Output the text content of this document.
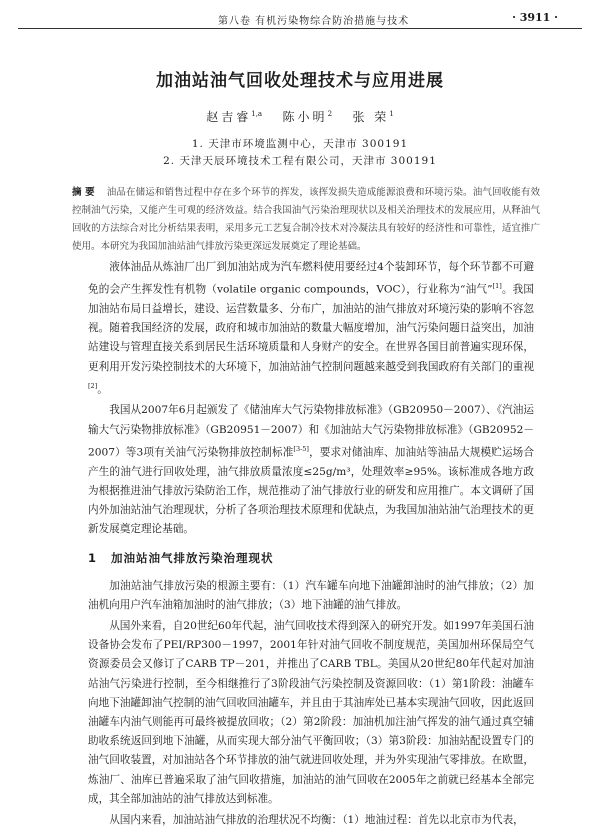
第八卷 有机污染物综合防治措施与技术	· 3911 ·
加油站油气回收处理技术与应用进展
赵吉睿$^{1,a}$ 陈小明$^2$ 张 荣$^1$
1. 天津市环境监测中心，天津市 300191
2. 天津天辰环境技术工程有限公司，天津市 300191
摘 要 油品在储运和销售过程中存在多个环节的挥发，该挥发损失造成能源浪费和环境污染。油气回收能有效控制油气污染，又能产生可观的经济效益。结合我国油气污染治理现状以及相关治理技术的发展应用，从释油气回收的方法综合对比分析结果表明，采用多元工艺复合制冷技术对冷凝法具有较好的经济性和可靠性，适宜推广使用。本研究为我国加油站油气排放污染更深远发展奠定了理论基础。

液体油品从炼油厂出厂到加油站成为汽车燃料使用要经过4个装卸环节，每个环节都不可避免的会产生挥发性有机物（volatile organic compounds，VOC），行业称为“油气”[1]。我国加油站布局日益增长，建设、运营数量多、分布广，加油站的油气排放对环境污染的影响不容忽视。随着我国经济的发展，政府和城市加油站的数量大幅度增加，油气污染问题日益突出，加油站建设与管理直接关系到居民生活环境质量和人身财产的安全。在世界各国目前普遍实现环保，更利用开发污染控制技术的大环境下，加油站油气控制问题越来越受到我国政府有关部门的重视[2]。

我国从2007年6月起颁发了《储油库大气污染物排放标准》（GB20950－2007）、《汽油运输大气污染物排放标准》（GB20951－2007）和《加油站大气污染物排放标准》（GB20952－2007）等3项有关油气污染物排放控制标准[3-5]，要求对储油库、加油站等油品大规模贮运场合产生的油气进行回收处理，油气排放质量浓度≤25g/m³，处理效率≥95%。该标准成各地方政为根据推进油气排放污染防治工作，规范推动了油气排放行业的研发和应用推广。本文调研了国内外加油站油气治理现状，分析了各项治理技术原理和优缺点，为我国加油站油气治理技术的更新发展奠定理论基础。

1 加油站油气排放污染治理现状

加油站油气排放污染的根源主要有：（1）汽车罐车向地下油罐卸油时的油气排放；（2）加油机向用户汽车油箱加油时的油气排放；（3）地下油罐的油气排放。

从国外来看，自20世纪60年代起，油气回收技术得到深入的研究开发。如1997年美国石油设备协会发布了PEI/RP300－1997，2001年针对油气回收不制度规范，美国加州环保局空气资源委员会又修订了CARB TP－201，并推出了CARB TBL。美国从20世纪80年代起对加油站油气污染进行控制，至今相继推行了3阶段油气污染控制及资源回收：（1）第1阶段：油罐车向地下油罐卸油气控制的油气回收回油罐车，并且由于其油库处已基本实现油气回收，因此返回油罐车内油气则能再可最终被提放回收；（2）第2阶段：加油机加注油气挥发的油气通过真空辅助收系统返回到地下油罐，从而实现大部分油气平衡回收；（3）第3阶段：加油站配设置专门的油气回收装置，对加油站各个环节排放的油气就进回收处理，并为外实现油气零排放。在欧盟，炼油厂、油库已普遍采取了油气回收措施，加油站的油气回收在2005年之前就已经基本全部完成，其全部加油站的油气排放达到标准。

从国内来看，加油站油气排放的治理状况不均衡：（1）地油过程：首先以北京市为代表，
